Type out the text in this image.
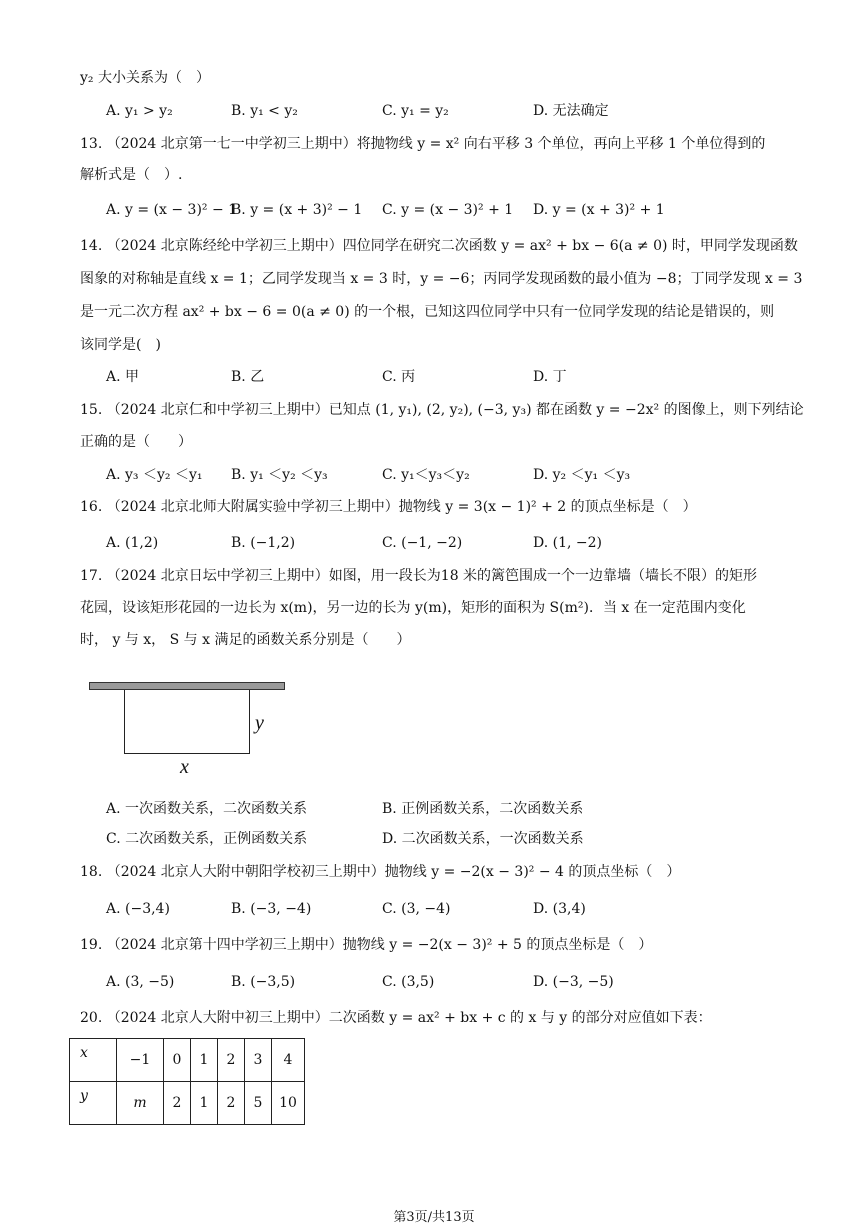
y₂ 大小关系为（　）
A. y₁ > y₂	B. y₁ < y₂	C. y₁ = y₂	D. 无法确定
13. （2024 北京第一七一中学初三上期中）将抛物线 y = x² 向右平移 3 个单位，再向上平移 1 个单位得到的
解析式是（　）.
A. y = (x − 3)² − 1
B. y = (x + 3)² − 1 C. y = (x − 3)² + 1 D. y = (x + 3)² + 1
14. （2024 北京陈经纶中学初三上期中）四位同学在研究二次函数 y = ax² + bx − 6(a ≠ 0) 时，甲同学发现函数
图象的对称轴是直线 x = 1；乙同学发现当 x = 3 时，y = −6；丙同学发现函数的最小值为 −8；丁同学发现 x = 3
是一元二次方程 ax² + bx − 6 = 0(a ≠ 0) 的一个根，已知这四位同学中只有一位同学发现的结论是错误的，则
该同学是(　)
A. 甲	B. 乙	C. 丙	D. 丁
15. （2024 北京仁和中学初三上期中）已知点 (1, y₁), (2, y₂), (−3, y₃) 都在函数 y = −2x² 的图像上，则下列结论
正确的是（　　）
A. y₃ ＜y₂ ＜y₁ B. y₁ ＜y₂ ＜y₃	C. y₁＜y₃＜y₂	D. y₂ ＜y₁ ＜y₃
16. （2024 北京北师大附属实验中学初三上期中）抛物线 y = 3(x − 1)² + 2 的顶点坐标是（　）
A. (1,2)	B. (−1,2)	C. (−1, −2)	D. (1, −2)
17. （2024 北京日坛中学初三上期中）如图，用一段长为18 米的篱笆围成一个一边靠墙（墙长不限）的矩形
花园，设该矩形花园的一边长为 x(m)，另一边的长为 y(m)，矩形的面积为 S(m²)．当 x 在一定范围内变化
时， y 与 x， S 与 x 满足的函数关系分别是（　　）
y
x
A. 一次函数关系，二次函数关系	B. 正例函数关系，二次函数关系
C. 二次函数关系，正例函数关系	D. 二次函数关系，一次函数关系
18. （2024 北京人大附中朝阳学校初三上期中）抛物线 y = −2(x − 3)² − 4 的顶点坐标（　）
A. (−3,4)	B. (−3, −4)	C. (3, −4)	D. (3,4)
19. （2024 北京第十四中学初三上期中）抛物线 y = −2(x − 3)² + 5 的顶点坐标是（　）
A. (3, −5)	B. (−3,5)	C. (3,5)	D. (−3, −5)
20. （2024 北京人大附中初三上期中）二次函数 y = ax² + bx + c 的 x 与 y 的部分对应值如下表：
x	−1	0	1	2	3	4
y	m	2	1	2	5	10
第3页/共13页
